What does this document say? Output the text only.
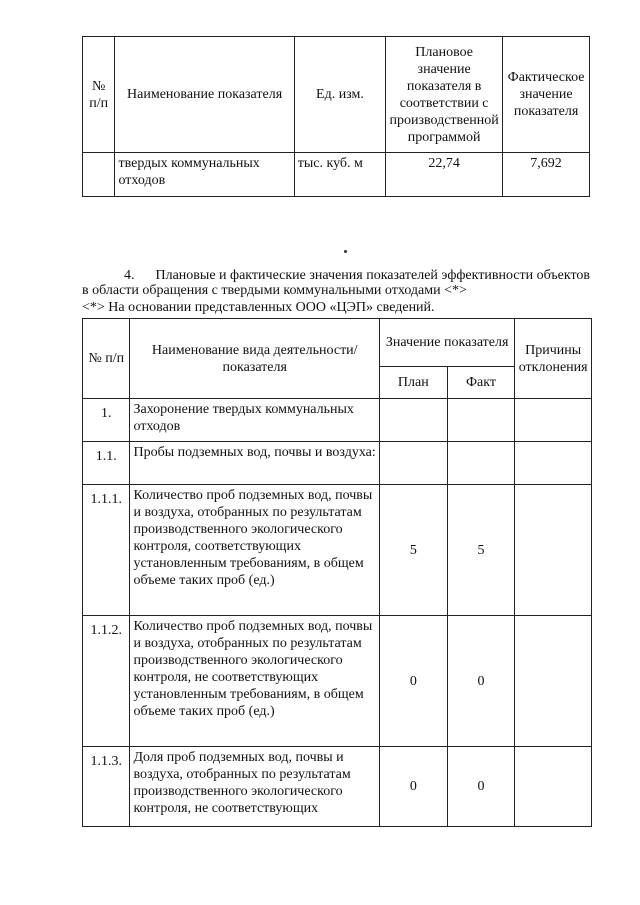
№ п/п	Наименование показателя	Ед. изм.	Плановое значение показателя в соответствии с производственной программой	Фактическое значение показателя
	твердых коммунальных отходов	тыс. куб. м	22,74	7,692
4.      Плановые и фактические значения показателей эффективности объектов в области обращения с твердыми коммунальными отходами <*>
<*> На основании представленных ООО «ЦЭП» сведений.
№ п/п	Наименование вида деятельности/показателя	Значение показателя		Причины отклонения
		План	Факт	
1.	Захоронение твердых коммунальных отходов			
1.1.	Пробы подземных вод, почвы и воздуха:			
1.1.1.	Количество проб подземных вод, почвы и воздуха, отобранных по результатам производственного экологического контроля, соответствующих установленным требованиям, в общем объеме таких проб (ед.)	5	5	
1.1.2.	Количество проб подземных вод, почвы и воздуха, отобранных по результатам производственного экологического контроля, не соответствующих установленным требованиям, в общем объеме таких проб (ед.)	0	0	
1.1.3.	Доля проб подземных вод, почвы и воздуха, отобранных по результатам производственного экологического контроля, не соответствующих	0	0	
